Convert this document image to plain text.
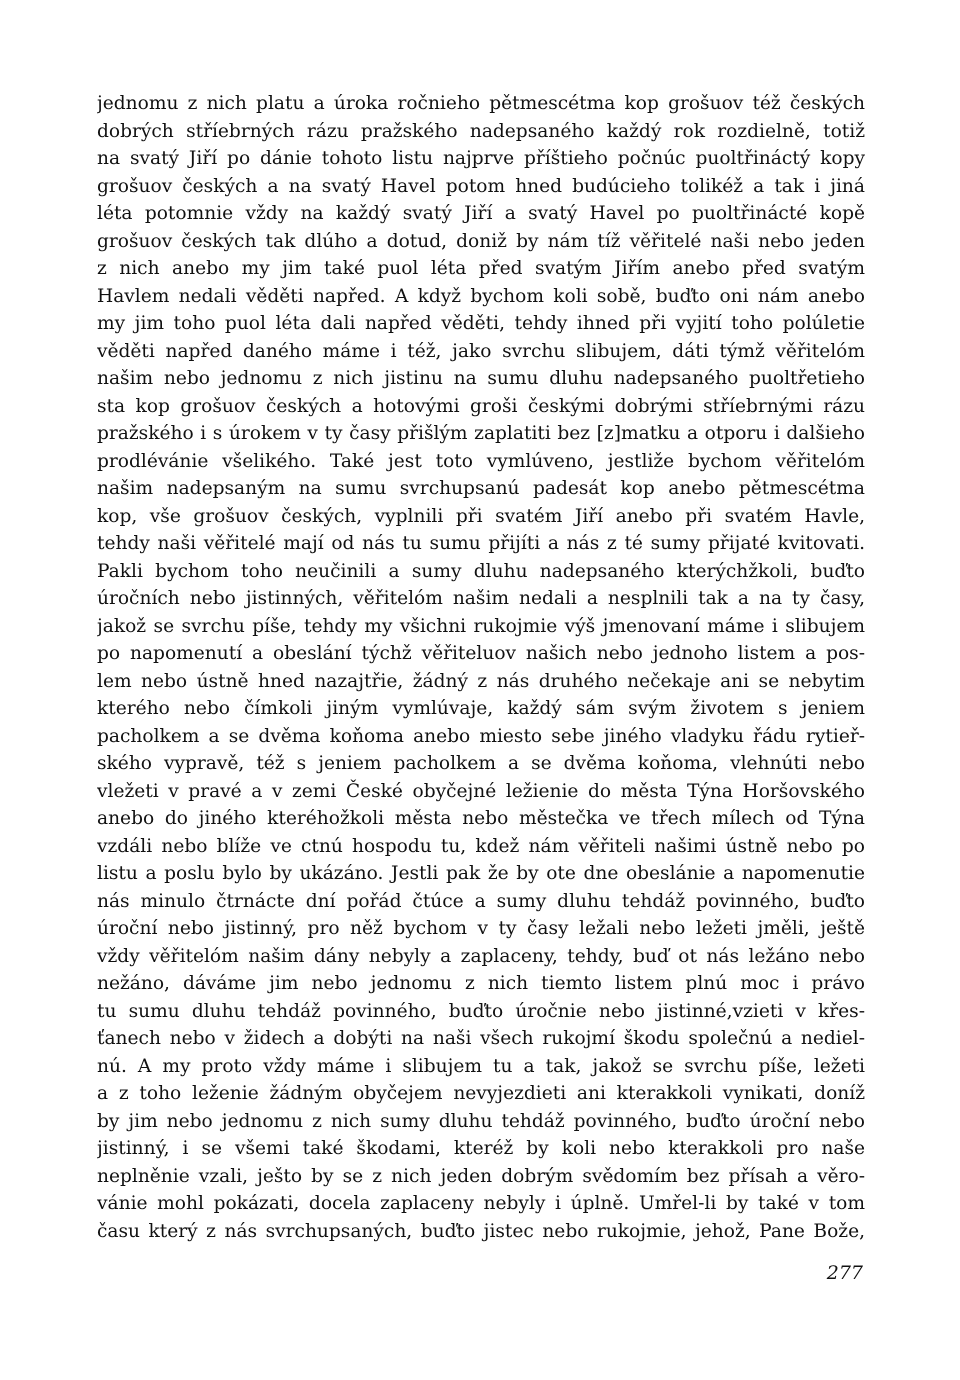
jednomu z nich platu a úroka ročnieho pětmescétma kop grošuov též českých
dobrých stříebrných rázu pražského nadepsaného každý rok rozdielně, totiž
na svatý Jiří po dánie tohoto listu najprve příštieho počnúc puoltřináctý kopy
grošuov českých a na svatý Havel potom hned budúcieho tolikéž a tak i jiná
léta potomnie vždy na každý svatý Jiří a svatý Havel po puoltřinácté kopě
grošuov českých tak dlúho a dotud, doniž by nám tíž věřitelé naši nebo jeden
z nich anebo my jim také puol léta před svatým Jiřím anebo před svatým
Havlem nedali věděti napřed. A když bychom koli sobě, buďto oni nám anebo
my jim toho puol léta dali napřed věděti, tehdy ihned při vyjití toho polúletie
věděti napřed daného máme i též, jako svrchu slibujem, dáti týmž věřitelóm
našim nebo jednomu z nich jistinu na sumu dluhu nadepsaného puoltřetieho
sta kop grošuov českých a hotovými groši českými dobrými stříebrnými rázu
pražského i s úrokem v ty časy přišlým zaplatiti bez [z]matku a otporu i dalšieho
prodlévánie všelikého. Také jest toto vymlúveno, jestliže bychom věřitelóm
našim nadepsaným na sumu svrchupsanú padesát kop anebo pětmescétma
kop, vše grošuov českých, vyplnili při svatém Jiří anebo při svatém Havle,
tehdy naši věřitelé mají od nás tu sumu přijíti a nás z té sumy přijaté kvitovati.
Pakli bychom toho neučinili a sumy dluhu nadepsaného kterýchžkoli, buďto
úročních nebo jistinných, věřitelóm našim nedali a nesplnili tak a na ty časy,
jakož se svrchu píše, tehdy my všichni rukojmie výš jmenovaní máme i slibujem
po napomenutí a obeslání týchž věřiteluov našich nebo jednoho listem a pos-
lem nebo ústně hned nazajtřie, žádný z nás druhého nečekaje ani se nebytim
kterého nebo čímkoli jiným vymlúvaje, každý sám svým životem s jeniem
pacholkem a se dvěma koňoma anebo miesto sebe jiného vladyku řádu rytieř-
ského vypravě, též s jeniem pacholkem a se dvěma koňoma, vlehnúti nebo
vležeti v pravé a v zemi České obyčejné ležienie do města Týna Horšovského
anebo do jiného kteréhožkoli města nebo městečka ve třech mílech od Týna
vzdáli nebo blíže ve ctnú hospodu tu, kdež nám věřiteli našimi ústně nebo po
listu a poslu bylo by ukázáno. Jestli pak že by ote dne obeslánie a napomenutie
nás minulo čtrnácte dní pořád čtúce a sumy dluhu tehdáž povinného, buďto
úroční nebo jistinný, pro něž bychom v ty časy ležali nebo ležeti jměli, ještě
vždy věřitelóm našim dány nebyly a zaplaceny, tehdy, buď ot nás ležáno nebo
nežáno, dáváme jim nebo jednomu z nich tiemto listem plnú moc i právo
tu sumu dluhu tehdáž povinného, buďto úročnie nebo jistinné,vzieti v křes-
ťanech nebo v židech a dobýti na naši všech rukojmí škodu společnú a nediel-
nú. A my proto vždy máme i slibujem tu a tak, jakož se svrchu píše, ležeti
a z toho leženie žádným obyčejem nevyjezdieti ani kterakkoli vynikati, doníž
by jim nebo jednomu z nich sumy dluhu tehdáž povinného, buďto úroční nebo
jistinný, i se všemi také škodami, kteréž by koli nebo kterakkoli pro naše
neplněnie vzali, ješto by se z nich jeden dobrým svědomím bez přísah a věro-
vánie mohl pokázati, docela zaplaceny nebyly i úplně. Umřel-li by také v tom
času který z nás svrchupsaných, buďto jistec nebo rukojmie, jehož, Pane Bože,
277
